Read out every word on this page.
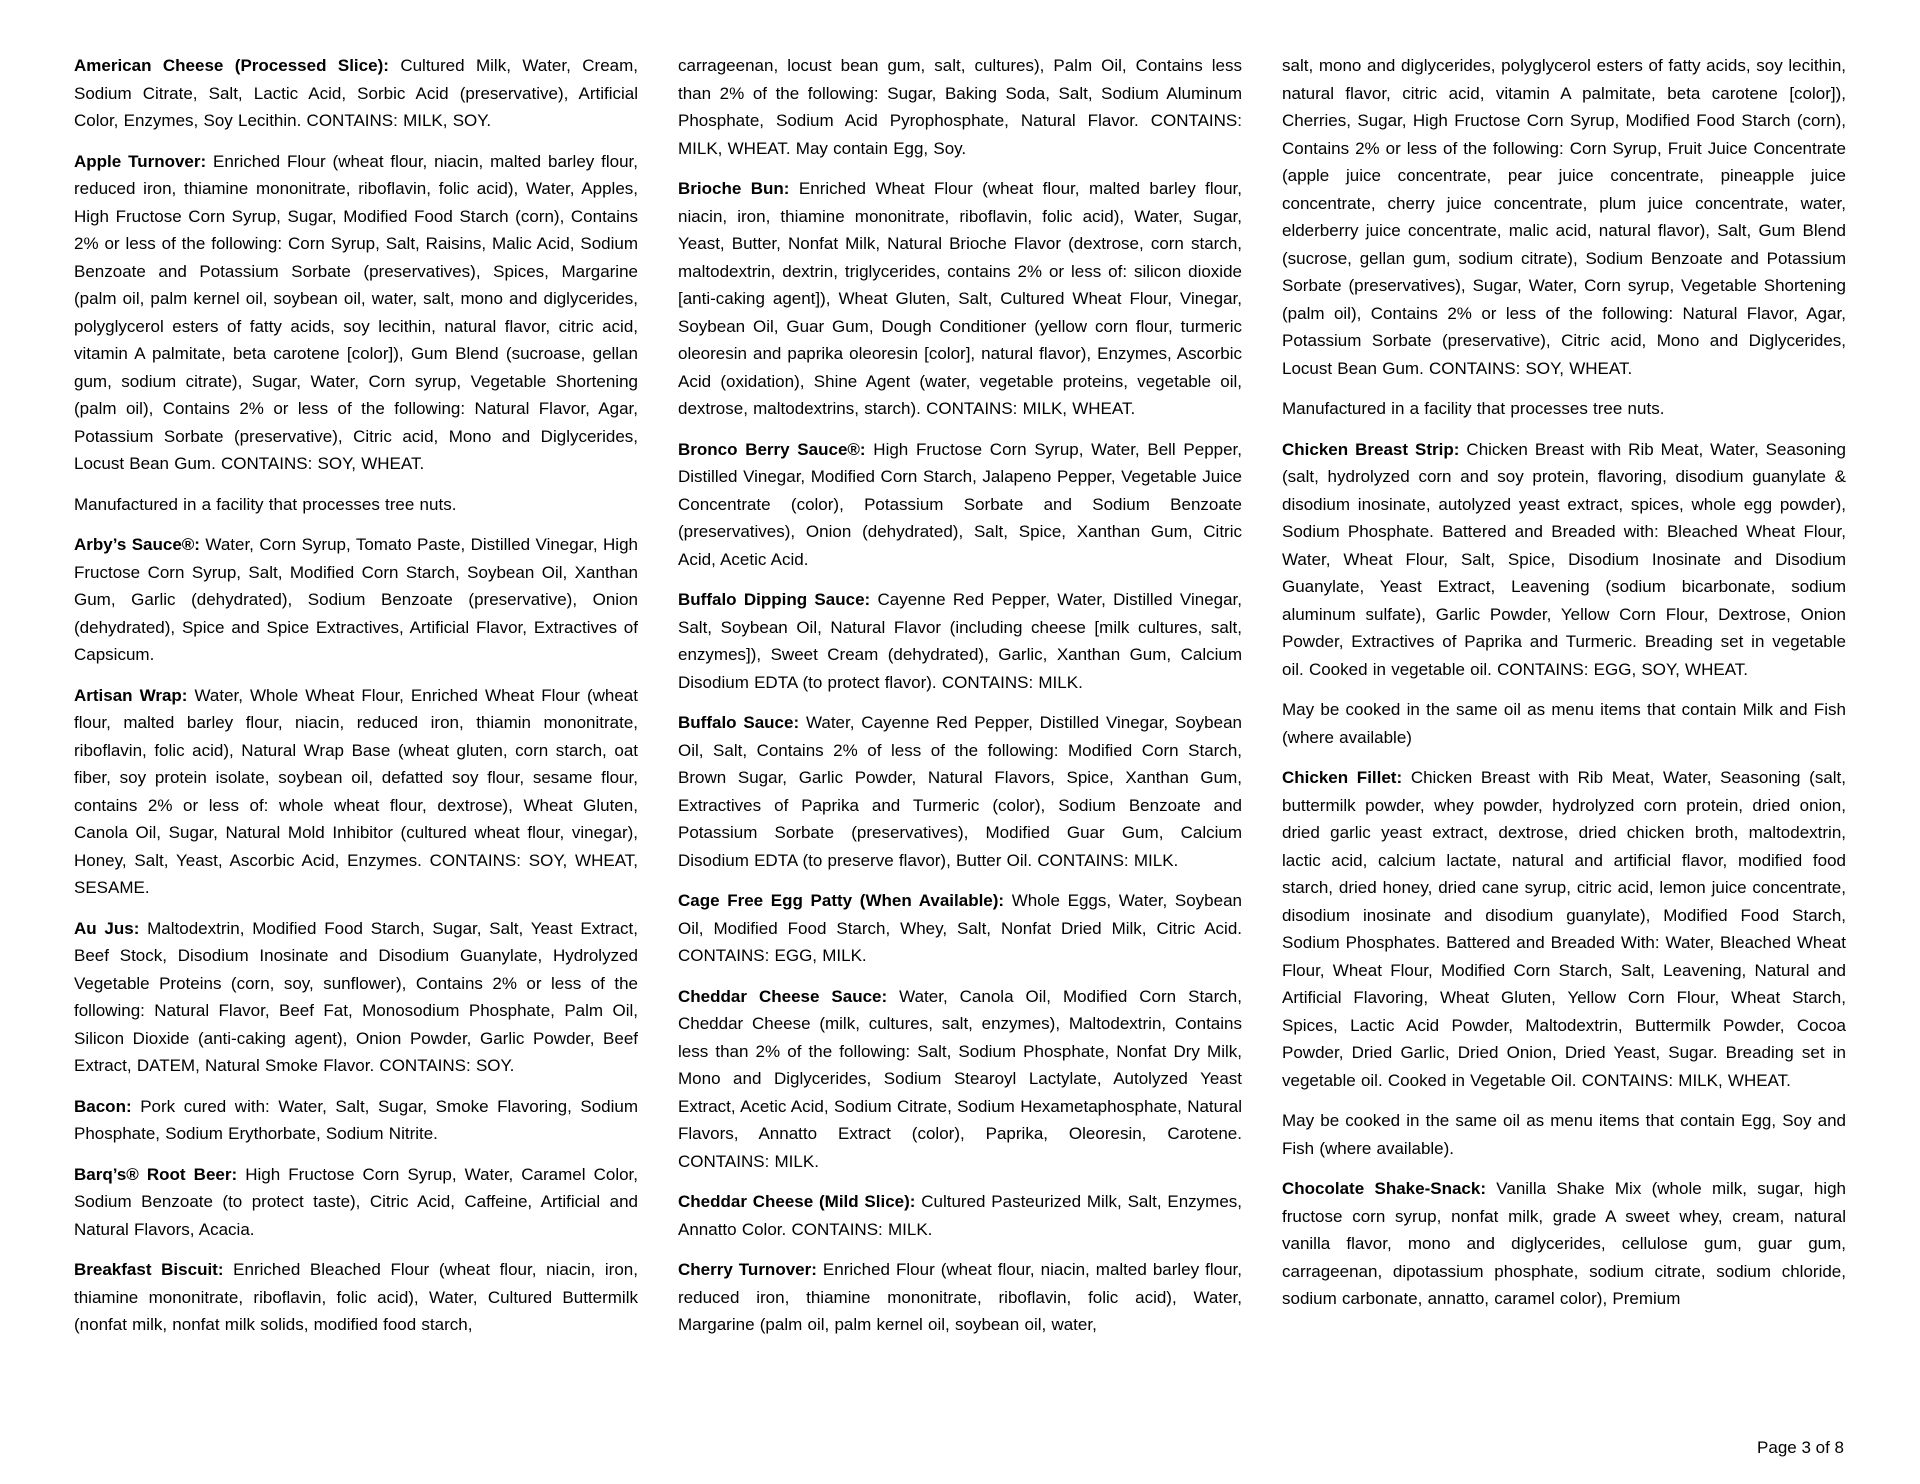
American Cheese (Processed Slice): Cultured Milk, Water, Cream, Sodium Citrate, Salt, Lactic Acid, Sorbic Acid (preservative), Artificial Color, Enzymes, Soy Lecithin. CONTAINS: MILK, SOY.

Apple Turnover: Enriched Flour (wheat flour, niacin, malted barley flour, reduced iron, thiamine mononitrate, riboflavin, folic acid), Water, Apples, High Fructose Corn Syrup, Sugar, Modified Food Starch (corn), Contains 2% or less of the following: Corn Syrup, Salt, Raisins, Malic Acid, Sodium Benzoate and Potassium Sorbate (preservatives), Spices, Margarine (palm oil, palm kernel oil, soybean oil, water, salt, mono and diglycerides, polyglycerol esters of fatty acids, soy lecithin, natural flavor, citric acid, vitamin A palmitate, beta carotene [color]), Gum Blend (sucroase, gellan gum, sodium citrate), Sugar, Water, Corn syrup, Vegetable Shortening (palm oil), Contains 2% or less of the following: Natural Flavor, Agar, Potassium Sorbate (preservative), Citric acid, Mono and Diglycerides, Locust Bean Gum. CONTAINS: SOY, WHEAT.

Manufactured in a facility that processes tree nuts.

Arby’s Sauce®: Water, Corn Syrup, Tomato Paste, Distilled Vinegar, High Fructose Corn Syrup, Salt, Modified Corn Starch, Soybean Oil, Xanthan Gum, Garlic (dehydrated), Sodium Benzoate (preservative), Onion (dehydrated), Spice and Spice Extractives, Artificial Flavor, Extractives of Capsicum.

Artisan Wrap: Water, Whole Wheat Flour, Enriched Wheat Flour (wheat flour, malted barley flour, niacin, reduced iron, thiamin mononitrate, riboflavin, folic acid), Natural Wrap Base (wheat gluten, corn starch, oat fiber, soy protein isolate, soybean oil, defatted soy flour, sesame flour, contains 2% or less of: whole wheat flour, dextrose), Wheat Gluten, Canola Oil, Sugar, Natural Mold Inhibitor (cultured wheat flour, vinegar), Honey, Salt, Yeast, Ascorbic Acid, Enzymes. CONTAINS: SOY, WHEAT, SESAME.

Au Jus: Maltodextrin, Modified Food Starch, Sugar, Salt, Yeast Extract, Beef Stock, Disodium Inosinate and Disodium Guanylate, Hydrolyzed Vegetable Proteins (corn, soy, sunflower), Contains 2% or less of the following: Natural Flavor, Beef Fat, Monosodium Phosphate, Palm Oil, Silicon Dioxide (anti-caking agent), Onion Powder, Garlic Powder, Beef Extract, DATEM, Natural Smoke Flavor. CONTAINS: SOY.

Bacon: Pork cured with: Water, Salt, Sugar, Smoke Flavoring, Sodium Phosphate, Sodium Erythorbate, Sodium Nitrite.

Barq’s® Root Beer: High Fructose Corn Syrup, Water, Caramel Color, Sodium Benzoate (to protect taste), Citric Acid, Caffeine, Artificial and Natural Flavors, Acacia.

Breakfast Biscuit: Enriched Bleached Flour (wheat flour, niacin, iron, thiamine mononitrate, riboflavin, folic acid), Water, Cultured Buttermilk (nonfat milk, nonfat milk solids, modified food starch,

carrageenan, locust bean gum, salt, cultures), Palm Oil, Contains less than 2% of the following: Sugar, Baking Soda, Salt, Sodium Aluminum Phosphate, Sodium Acid Pyrophosphate, Natural Flavor. CONTAINS: MILK, WHEAT. May contain Egg, Soy.

Brioche Bun: Enriched Wheat Flour (wheat flour, malted barley flour, niacin, iron, thiamine mononitrate, riboflavin, folic acid), Water, Sugar, Yeast, Butter, Nonfat Milk, Natural Brioche Flavor (dextrose, corn starch, maltodextrin, dextrin, triglycerides, contains 2% or less of: silicon dioxide [anti-caking agent]), Wheat Gluten, Salt, Cultured Wheat Flour, Vinegar, Soybean Oil, Guar Gum, Dough Conditioner (yellow corn flour, turmeric oleoresin and paprika oleoresin [color], natural flavor), Enzymes, Ascorbic Acid (oxidation), Shine Agent (water, vegetable proteins, vegetable oil, dextrose, maltodextrins, starch). CONTAINS: MILK, WHEAT.

Bronco Berry Sauce®: High Fructose Corn Syrup, Water, Bell Pepper, Distilled Vinegar, Modified Corn Starch, Jalapeno Pepper, Vegetable Juice Concentrate (color), Potassium Sorbate and Sodium Benzoate (preservatives), Onion (dehydrated), Salt, Spice, Xanthan Gum, Citric Acid, Acetic Acid.

Buffalo Dipping Sauce: Cayenne Red Pepper, Water, Distilled Vinegar, Salt, Soybean Oil, Natural Flavor (including cheese [milk cultures, salt, enzymes]), Sweet Cream (dehydrated), Garlic, Xanthan Gum, Calcium Disodium EDTA (to protect flavor). CONTAINS: MILK.

Buffalo Sauce: Water, Cayenne Red Pepper, Distilled Vinegar, Soybean Oil, Salt, Contains 2% of less of the following: Modified Corn Starch, Brown Sugar, Garlic Powder, Natural Flavors, Spice, Xanthan Gum, Extractives of Paprika and Turmeric (color), Sodium Benzoate and Potassium Sorbate (preservatives), Modified Guar Gum, Calcium Disodium EDTA (to preserve flavor), Butter Oil. CONTAINS: MILK.

Cage Free Egg Patty (When Available): Whole Eggs, Water, Soybean Oil, Modified Food Starch, Whey, Salt, Nonfat Dried Milk, Citric Acid. CONTAINS: EGG, MILK.

Cheddar Cheese Sauce: Water, Canola Oil, Modified Corn Starch, Cheddar Cheese (milk, cultures, salt, enzymes), Maltodextrin, Contains less than 2% of the following: Salt, Sodium Phosphate, Nonfat Dry Milk, Mono and Diglycerides, Sodium Stearoyl Lactylate, Autolyzed Yeast Extract, Acetic Acid, Sodium Citrate, Sodium Hexametaphosphate, Natural Flavors, Annatto Extract (color), Paprika, Oleoresin, Carotene. CONTAINS: MILK.

Cheddar Cheese (Mild Slice): Cultured Pasteurized Milk, Salt, Enzymes, Annatto Color. CONTAINS: MILK.

Cherry Turnover: Enriched Flour (wheat flour, niacin, malted barley flour, reduced iron, thiamine mononitrate, riboflavin, folic acid), Water, Margarine (palm oil, palm kernel oil, soybean oil, water,

salt, mono and diglycerides, polyglycerol esters of fatty acids, soy lecithin, natural flavor, citric acid, vitamin A palmitate, beta carotene [color]), Cherries, Sugar, High Fructose Corn Syrup, Modified Food Starch (corn), Contains 2% or less of the following: Corn Syrup, Fruit Juice Concentrate (apple juice concentrate, pear juice concentrate, pineapple juice concentrate, cherry juice concentrate, plum juice concentrate, water, elderberry juice concentrate, malic acid, natural flavor), Salt, Gum Blend (sucrose, gellan gum, sodium citrate), Sodium Benzoate and Potassium Sorbate (preservatives), Sugar, Water, Corn syrup, Vegetable Shortening (palm oil), Contains 2% or less of the following: Natural Flavor, Agar, Potassium Sorbate (preservative), Citric acid, Mono and Diglycerides, Locust Bean Gum. CONTAINS: SOY, WHEAT.

Manufactured in a facility that processes tree nuts.

Chicken Breast Strip: Chicken Breast with Rib Meat, Water, Seasoning (salt, hydrolyzed corn and soy protein, flavoring, disodium guanylate & disodium inosinate, autolyzed yeast extract, spices, whole egg powder), Sodium Phosphate. Battered and Breaded with: Bleached Wheat Flour, Water, Wheat Flour, Salt, Spice, Disodium Inosinate and Disodium Guanylate, Yeast Extract, Leavening (sodium bicarbonate, sodium aluminum sulfate), Garlic Powder, Yellow Corn Flour, Dextrose, Onion Powder, Extractives of Paprika and Turmeric. Breading set in vegetable oil. Cooked in vegetable oil. CONTAINS: EGG, SOY, WHEAT.

May be cooked in the same oil as menu items that contain Milk and Fish (where available)

Chicken Fillet: Chicken Breast with Rib Meat, Water, Seasoning (salt, buttermilk powder, whey powder, hydrolyzed corn protein, dried onion, dried garlic yeast extract, dextrose, dried chicken broth, maltodextrin, lactic acid, calcium lactate, natural and artificial flavor, modified food starch, dried honey, dried cane syrup, citric acid, lemon juice concentrate, disodium inosinate and disodium guanylate), Modified Food Starch, Sodium Phosphates. Battered and Breaded With: Water, Bleached Wheat Flour, Wheat Flour, Modified Corn Starch, Salt, Leavening, Natural and Artificial Flavoring, Wheat Gluten, Yellow Corn Flour, Wheat Starch, Spices, Lactic Acid Powder, Maltodextrin, Buttermilk Powder, Cocoa Powder, Dried Garlic, Dried Onion, Dried Yeast, Sugar. Breading set in vegetable oil. Cooked in Vegetable Oil. CONTAINS: MILK, WHEAT.

May be cooked in the same oil as menu items that contain Egg, Soy and Fish (where available).

Chocolate Shake-Snack: Vanilla Shake Mix (whole milk, sugar, high fructose corn syrup, nonfat milk, grade A sweet whey, cream, natural vanilla flavor, mono and diglycerides, cellulose gum, guar gum, carrageenan, dipotassium phosphate, sodium citrate, sodium chloride, sodium carbonate, annatto, caramel color), Premium

Page 3 of 8
